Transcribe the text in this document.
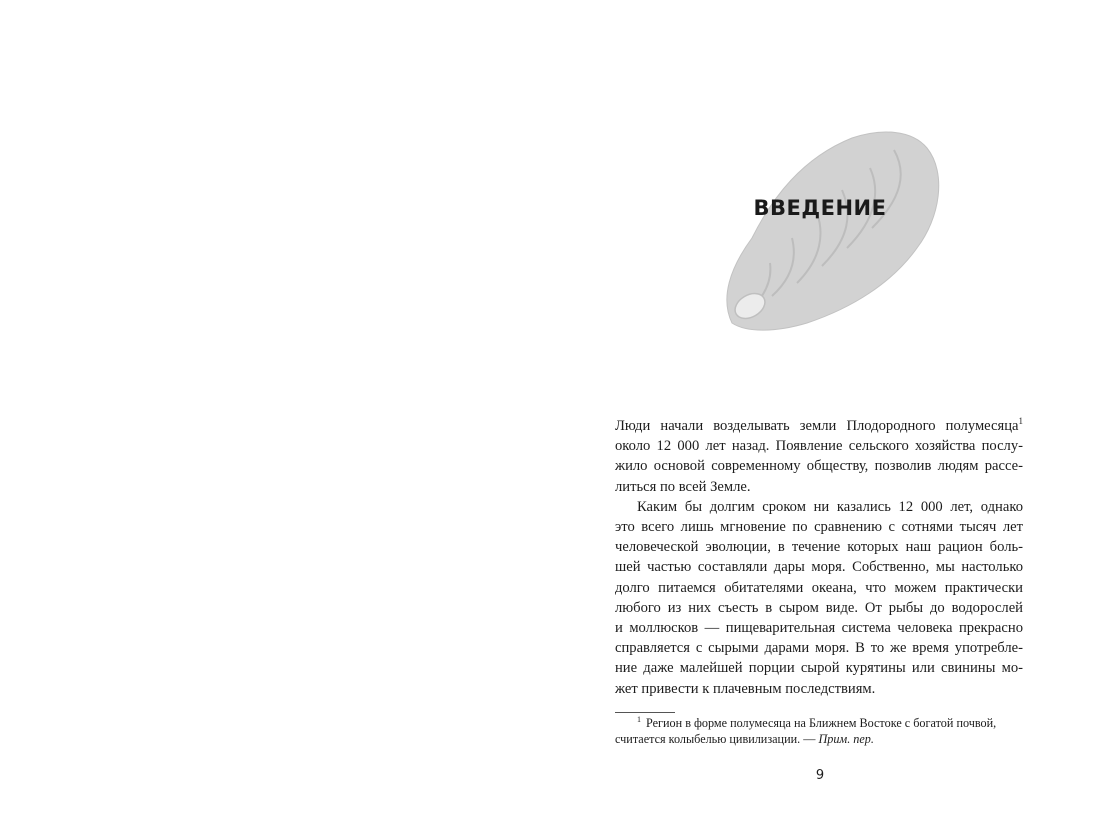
ВВЕДЕНИЕ

Люди начали возделывать земли Плодородного полумесяца$^1$
около 12 000 лет назад. Появление сельского хозяйства послу-
жило основой современному обществу, позволив людям рассе-
литься по всей Земле.

Каким бы долгим сроком ни казались 12 000 лет, однако
это всего лишь мгновение по сравнению с сотнями тысяч лет
человеческой эволюции, в течение которых наш рацион боль-
шей частью составляли дары моря. Собственно, мы настолько
долго питаемся обитателями океана, что можем практически
любого из них съесть в сыром виде. От рыбы до водорослей
и моллюсков — пищеварительная система человека прекрасно
справляется с сырыми дарами моря. В то же время употребле-
ние даже малейшей порции сырой курятины или свинины мо-
жет привести к плачевным последствиям.

$^1$ Регион в форме полумесяца на Ближнем Востоке с богатой почвой,
считается колыбелью цивилизации. — Прим. пер.
9
